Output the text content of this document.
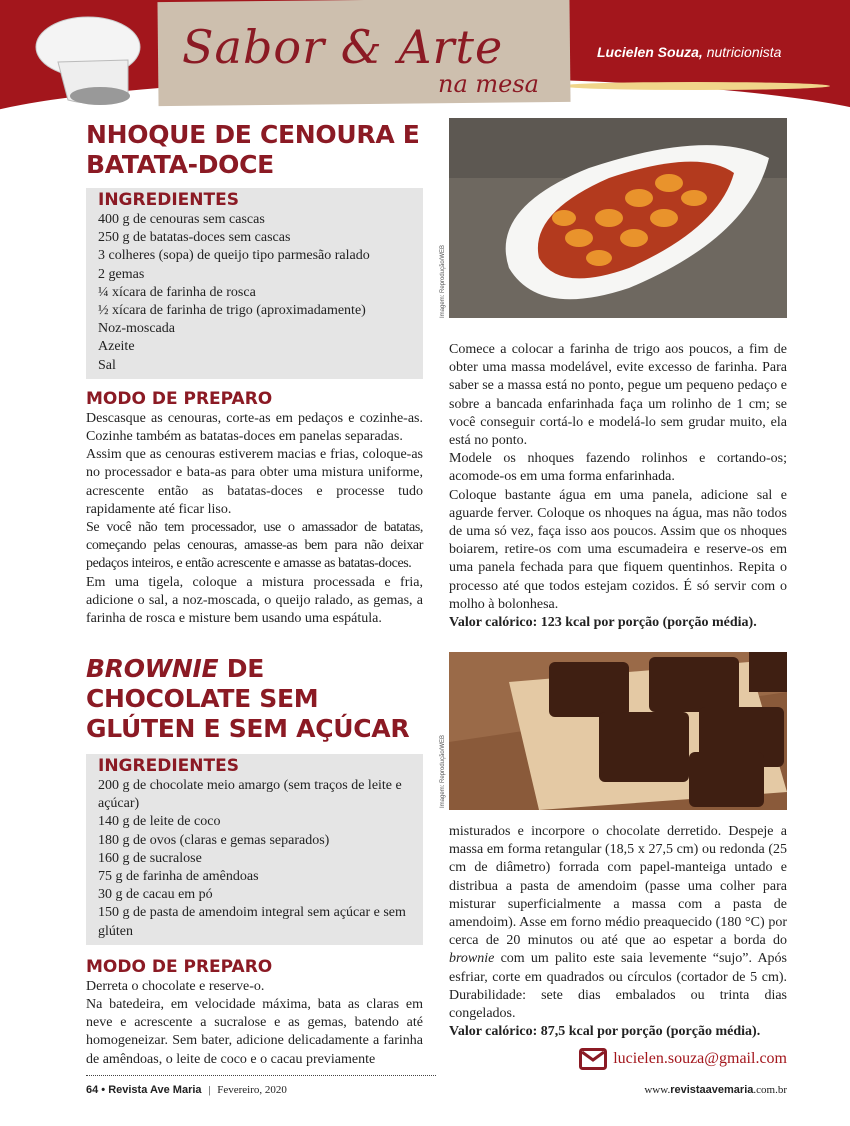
Sabor & Arte
na mesa
Lucielen Souza, nutricionista
NHOQUE DE CENOURA E BATATA-DOCE
INGREDIENTES
400 g de cenouras sem cascas
250 g de batatas-doces sem cascas
3 colheres (sopa) de queijo tipo parmesão ralado
2 gemas
¼ xícara de farinha de rosca
½ xícara de farinha de trigo (aproximadamente)
Noz-moscada
Azeite
Sal
MODO DE PREPARO

Descasque as cenouras, corte-as em pedaços e cozinhe-as. Cozinhe também as batatas-doces em panelas separadas.

Assim que as cenouras estiverem macias e frias, coloque-as no processador e bata-as para obter uma mistura uniforme, acrescente então as batatas-doces e processe tudo rapidamente até ficar liso.

Se você não tem processador, use o amassador de batatas, começando pelas cenouras, amasse-as bem para não deixar pedaços inteiros, e então acrescente e amasse as batatas-doces.

Em uma tigela, coloque a mistura processada e fria, adicione o sal, a noz-moscada, o queijo ralado, as gemas, a farinha de rosca e misture bem usando uma espátula.

Imagem: Reprodução/WEB

Comece a colocar a farinha de trigo aos poucos, a fim de obter uma massa modelável, evite excesso de farinha. Para saber se a massa está no ponto, pegue um pequeno pedaço e sobre a bancada enfarinhada faça um rolinho de 1 cm; se você conseguir cortá-lo e modelá-lo sem grudar muito, ela está no ponto.

Modele os nhoques fazendo rolinhos e cortando-os; acomode-os em uma forma enfarinhada.

Coloque bastante água em uma panela, adicione sal e aguarde ferver. Coloque os nhoques na água, mas não todos de uma só vez, faça isso aos poucos. Assim que os nhoques boiarem, retire-os com uma escumadeira e reserve-os em uma panela fechada para que fiquem quentinhos. Repita o processo até que todos estejam cozidos. É só servir com o molho à bolonhesa.

Valor calórico: 123 kcal por porção (porção média).

BROWNIE DE CHOCOLATE SEM GLÚTEN E SEM AÇÚCAR
INGREDIENTES
200 g de chocolate meio amargo (sem traços de leite e açúcar)
140 g de leite de coco
180 g de ovos (claras e gemas separados)
160 g de sucralose
75 g de farinha de amêndoas
30 g de cacau em pó
150 g de pasta de amendoim integral sem açúcar e sem glúten
MODO DE PREPARO

Derreta o chocolate e reserve-o.

Na batedeira, em velocidade máxima, bata as claras em neve e acrescente a sucralose e as gemas, batendo até homogeneizar. Sem bater, adicione delicadamente a farinha de amêndoas, o leite de coco e o cacau previamente

Imagem: Reprodução/WEB

misturados e incorpore o chocolate derretido. Despeje a massa em forma retangular (18,5 x 27,5 cm) ou redonda (25 cm de diâmetro) forrada com papel-manteiga untado e distribua a pasta de amendoim (passe uma colher para misturar superficialmente a massa com a pasta de amendoim). Asse em forno médio preaquecido (180 °C) por cerca de 20 minutos ou até que ao espetar a borda do brownie com um palito este saia levemente “sujo”. Após esfriar, corte em quadrados ou círculos (cortador de 5 cm). Durabilidade: sete dias embalados ou trinta dias congelados.

Valor calórico: 87,5 kcal por porção (porção média).

lucielen.souza@gmail.com
64 • Revista Ave Maria | Fevereiro, 2020	www.revistaavemaria.com.br
